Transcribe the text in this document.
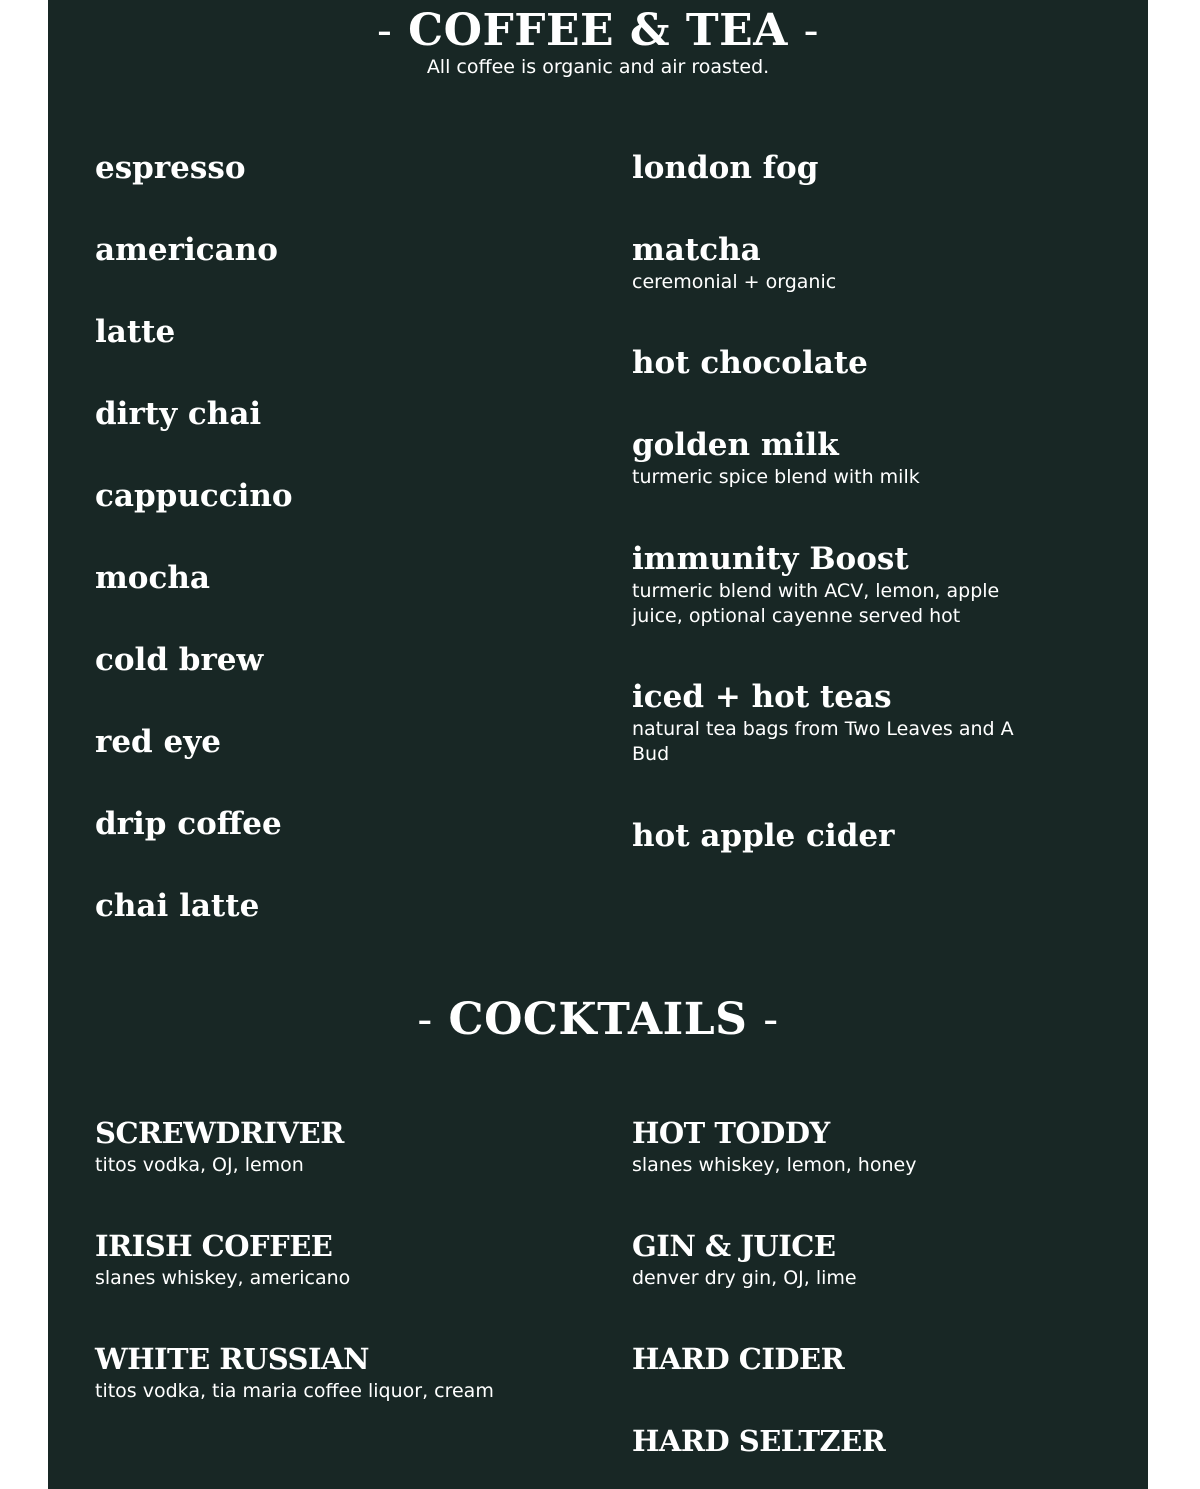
- COFFEE & TEA -
All coffee is organic and air roasted.
espresso
americano
latte
dirty chai
cappuccino
mocha
cold brew
red eye
drip coffee
chai latte
london fog
matcha
ceremonial + organic
hot chocolate
golden milk
turmeric spice blend with milk
immunity Boost
turmeric blend with ACV, lemon, apple juice, optional cayenne served hot
iced + hot teas
natural tea bags from Two Leaves and A Bud
hot apple cider
- COCKTAILS -
SCREWDRIVER
titos vodka, OJ, lemon
IRISH COFFEE
slanes whiskey, americano
WHITE RUSSIAN
titos vodka, tia maria coffee liquor, cream
HOT TODDY
slanes whiskey, lemon, honey
GIN & JUICE
denver dry gin, OJ, lime
HARD CIDER
HARD SELTZER
